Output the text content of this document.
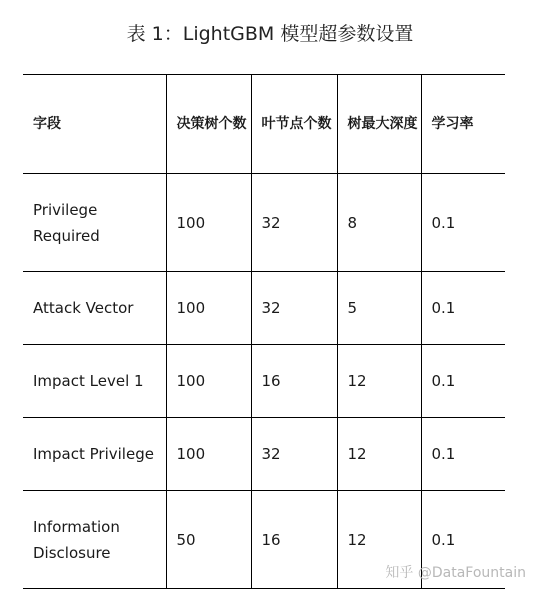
表 1：LightGBM 模型超参数设置
字段	决策树个数	叶节点个数	树最大深度	学习率
Privilege
Required	100	32	8	0.1
Attack Vector	100	32	5	0.1
Impact Level 1	100	16	12	0.1
Impact Privilege	100	32	12	0.1
Information
Disclosure	50	16	12	0.1
知乎 @DataFountain
